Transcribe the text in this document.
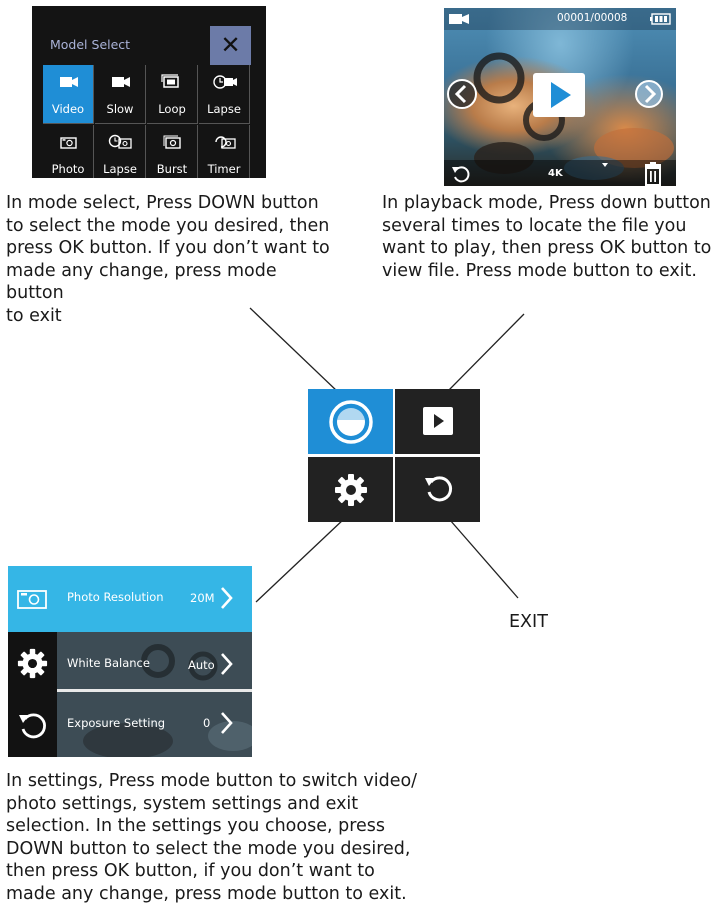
Model Select	✕
Video	Slow	Loop	Lapse
Photo	Lapse	Burst	Timer
In mode select, Press DOWN button
to select the mode you desired, then
press OK button. If you don’t want to
made any change, press mode button
to exit
00001/00008
4K
In playback mode, Press down button
several times to locate the file you
want to play, then press OK button to
view file. Press mode button to exit.
EXIT
Photo Resolution 20M
White Balance	Auto
Exposure Setting	0
In settings, Press mode button to switch video/
photo settings, system settings and exit
selection. In the settings you choose, press
DOWN button to select the mode you desired,
then press OK button, if you don’t want to
made any change, press mode button to exit.
